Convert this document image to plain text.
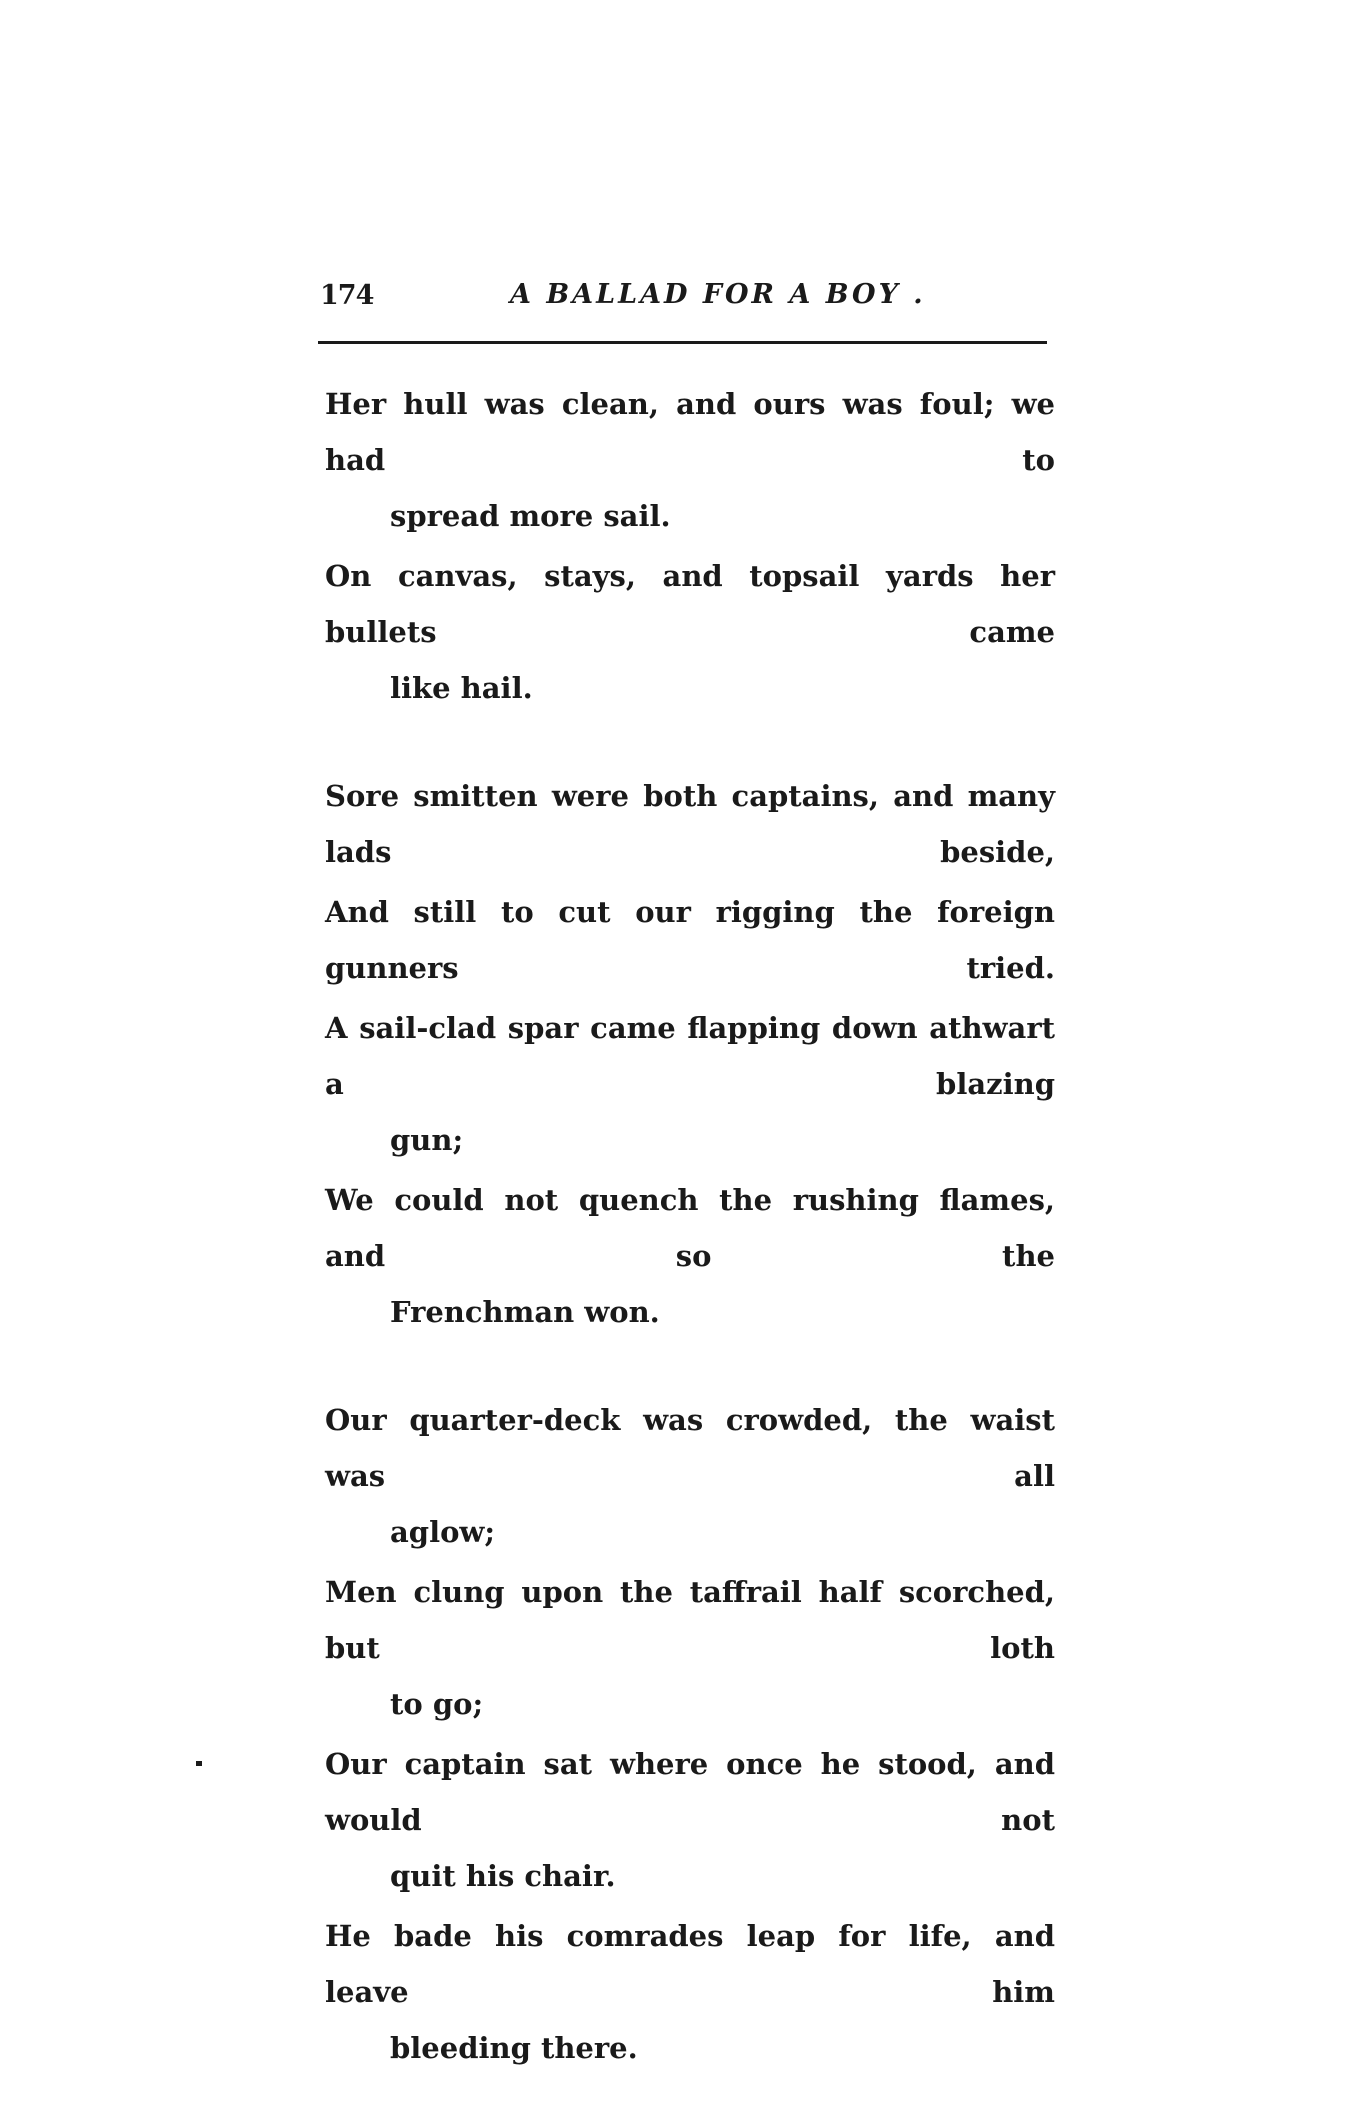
174	A BALLAD FOR A BOY .
Her hull was clean, and ours was foul; we had to
spread more sail.
On canvas, stays, and topsail yards her bullets came
like hail.
Sore smitten were both captains, and many lads beside,
And still to cut our rigging the foreign gunners tried.
A sail-clad spar came flapping down athwart a blazing
gun;
We could not quench the rushing flames, and so the
Frenchman won.
Our quarter-deck was crowded, the waist was all
aglow;
Men clung upon the taffrail half scorched, but loth
to go;
Our captain sat where once he stood, and would not
quit his chair.
He bade his comrades leap for life, and leave him
bleeding there.
